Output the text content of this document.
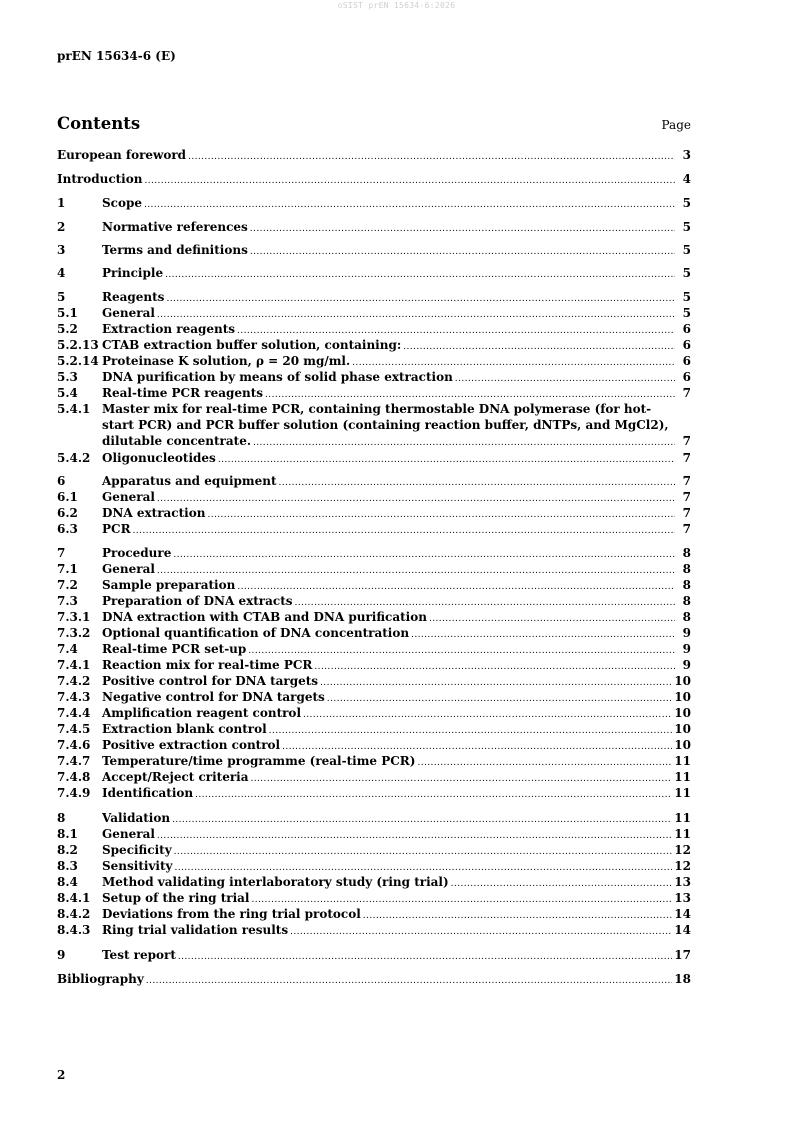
oSIST prEN 15634-6:2026
prEN 15634-6 (E)
Contents	Page
European foreword .....	3
Introduction .....	4
1	Scope .....	5
2	Normative references .....	5
3	Terms and definitions .....	5
4	Principle .....	5
5	Reagents .....	5
5.1	General .....	5
5.2	Extraction reagents .....	6
5.2.13 CTAB extraction buffer solution, containing: .....	6
5.2.14 Proteinase K solution, ρ = 20 mg/ml. .....	6
5.3	DNA purification by means of solid phase extraction .....	6
5.4	Real-time PCR reagents .....	7
5.4.1 Master mix for real-time PCR, containing thermostable DNA polymerase (for hot-
start PCR) and PCR buffer solution (containing reaction buffer, dNTPs, and MgCl2),
dilutable concentrate. .....	7
5.4.2 Oligonucleotides .....	7
6	Apparatus and equipment .....	7
6.1	General .....	7
6.2	DNA extraction .....	7
6.3	PCR .....	7
7	Procedure .....	8
7.1	General .....	8
7.2	Sample preparation .....	8
7.3	Preparation of DNA extracts .....	8
7.3.1 DNA extraction with CTAB and DNA purification .....	8
7.3.2 Optional quantification of DNA concentration .....	9
7.4	Real-time PCR set-up .....	9
7.4.1 Reaction mix for real-time PCR .....	9
7.4.2 Positive control for DNA targets .....	10
7.4.3 Negative control for DNA targets .....	10
7.4.4 Amplification reagent control .....	10
7.4.5 Extraction blank control .....	10
7.4.6 Positive extraction control .....	10
7.4.7 Temperature/time programme (real-time PCR) .....	11
7.4.8 Accept/Reject criteria .....	11
7.4.9 Identification .....	11
8	Validation .....	11
8.1	General .....	11
8.2	Specificity .....	12
8.3	Sensitivity .....	12
8.4	Method validating interlaboratory study (ring trial) .....	13
8.4.1 Setup of the ring trial .....	13
8.4.2 Deviations from the ring trial protocol .....	14
8.4.3 Ring trial validation results .....	14
9	Test report .....	17
Bibliography .....	18
2
